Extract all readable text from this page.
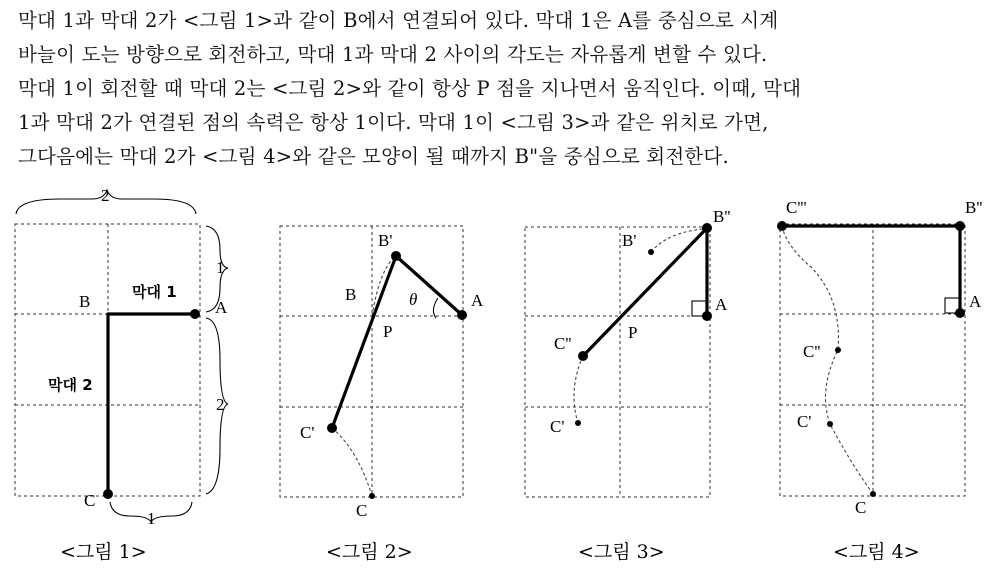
막대 1과 막대 2가 <그림 1>과 같이 B에서 연결되어 있다. 막대 1은 A를 중심으로 시계
바늘이 도는 방향으로 회전하고, 막대 1과 막대 2 사이의 각도는 자유롭게 변할 수 있다.
막대 1이 회전할 때 막대 2는 <그림 2>와 같이 항상 P 점을 지나면서 움직인다. 이때, 막대
1과 막대 2가 연결된 점의 속력은 항상 1이다. 막대 1이 <그림 3>과 같은 위치로 가면,
그다음에는 막대 2가 <그림 4>와 같은 모양이 될 때까지 B"을 중심으로 회전한다.
2
1
2
1
막대 1
막대 2
B	A
C
<그림 1>
B'
B	A
P
θ
C'
C
<그림 2>
B''
B'
A
P
C''
C'
<그림 3>
C'''	B''
A
C''
C'
C
<그림 4>
